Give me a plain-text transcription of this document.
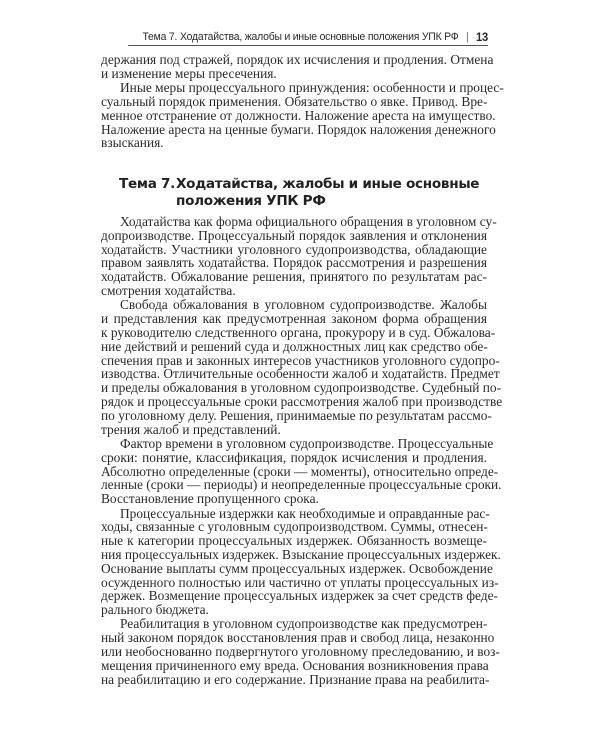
Тема 7. Ходатайства, жалобы и иные основные положения УПК РФ | 13
держания под стражей, порядок их исчисления и продления. Отмена
и изменение меры пресечения.
Иные меры процессуального принуждения: особенности и процес-
суальный порядок применения. Обязательство о явке. Привод. Вре-
менное отстранение от должности. Наложение ареста на имущество.
Наложение ареста на ценные бумаги. Порядок наложения денежного
взыскания.
Тема 7. Ходатайства, жалобы и иные основные
положения УПК РФ
Ходатайства как форма официального обращения в уголовном су-
допроизводстве. Процессуальный порядок заявления и отклонения
ходатайств. Участники уголовного судопроизводства, обладающие
правом заявлять ходатайства. Порядок рассмотрения и разрешения
ходатайств. Обжалование решения, принятого по результатам рас-
смотрения ходатайства.
Свобода обжалования в уголовном судопроизводстве. Жалобы
и представления как предусмотренная законом форма обращения
к руководителю следственного органа, прокурору и в суд. Обжалова-
ние действий и решений суда и должностных лиц как средство обе-
спечения прав и законных интересов участников уголовного судопро-
изводства. Отличительные особенности жалоб и ходатайств. Предмет
и пределы обжалования в уголовном судопроизводстве. Судебный по-
рядок и процессуальные сроки рассмотрения жалоб при производстве
по уголовному делу. Решения, принимаемые по результатам рассмо-
трения жалоб и представлений.
Фактор времени в уголовном судопроизводстве. Процессуальные
сроки: понятие, классификация, порядок исчисления и продления.
Абсолютно определенные (сроки — моменты), относительно опреде-
ленные (сроки — периоды) и неопределенные процессуальные сроки.
Восстановление пропущенного срока.
Процессуальные издержки как необходимые и оправданные рас-
ходы, связанные с уголовным судопроизводством. Суммы, отнесен-
ные к категории процессуальных издержек. Обязанность возмеще-
ния процессуальных издержек. Взыскание процессуальных издержек.
Основание выплаты сумм процессуальных издержек. Освобождение
осужденного полностью или частично от уплаты процессуальных из-
держек. Возмещение процессуальных издержек за счет средств феде-
рального бюджета.
Реабилитация в уголовном судопроизводстве как предусмотрен-
ный законом порядок восстановления прав и свобод лица, незаконно
или необоснованно подвергнутого уголовному преследованию, и воз-
мещения причиненного ему вреда. Основания возникновения права
на реабилитацию и его содержание. Признание права на реабилита-
